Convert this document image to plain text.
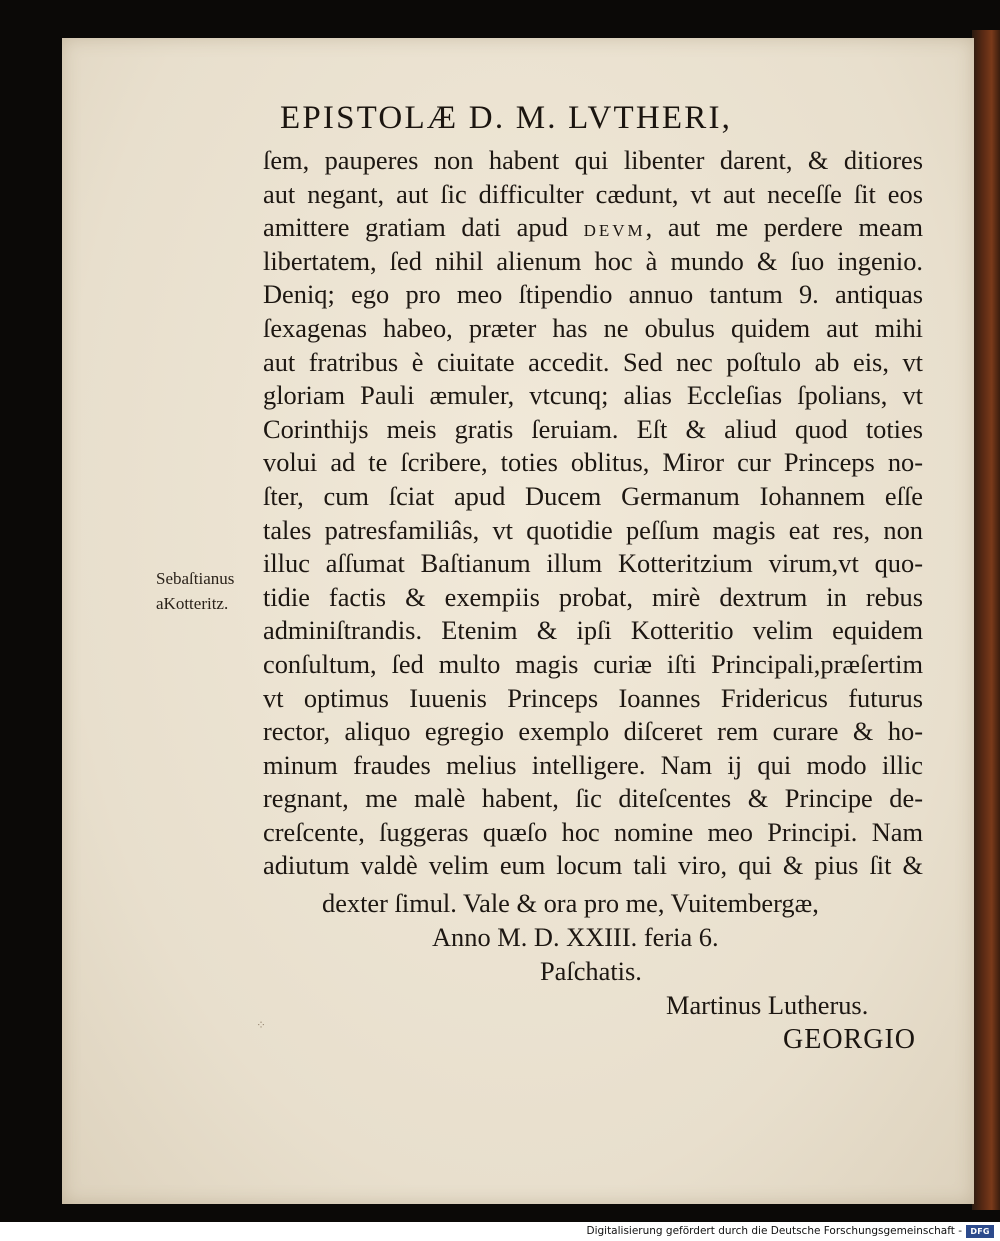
EPISTOLÆ D. M. LVTHERI,
ſem, pauperes non habent qui libenter darent, & ditiores
aut negant, aut ſic difficulter cædunt, vt aut neceſſe ſit eos
amittere gratiam dati apud DEVM, aut me perdere meam
libertatem, ſed nihil alienum hoc à mundo & ſuo ingenio.
Deniq; ego pro meo ſtipendio annuo tantum 9. antiquas
ſexagenas habeo, præter has ne obulus quidem aut mihi
aut fratribus è ciuitate accedit. Sed nec poſtulo ab eis, vt
gloriam Pauli æmuler, vtcunq; alias Eccleſias ſpolians, vt
Corinthijs meis gratis ſeruiam. Eſt & aliud quod toties
volui ad te ſcribere, toties oblitus, Miror cur Princeps no-
ſter, cum ſciat apud Ducem Germanum Iohannem eſſe
tales patresfamiliâs, vt quotidie peſſum magis eat res, non
illuc aſſumat Baſtianum illum Kotteritzium virum,vt quo-
tidie factis & exempiis probat, mirè dextrum in rebus
adminiſtrandis. Etenim & ipſi Kotteritio velim equidem
conſultum, ſed multo magis curiæ iſti Principali,præſertim
vt optimus Iuuenis Princeps Ioannes Fridericus futurus
rector, aliquo egregio exemplo diſceret rem curare & ho-
minum fraudes melius intelligere. Nam ij qui modo illic
regnant, me malè habent, ſic diteſcentes & Principe de-
creſcente, ſuggeras quæſo hoc nomine meo Principi. Nam
adiutum valdè velim eum locum tali viro, qui & pius ſit &
dexter ſimul. Vale & ora pro me, Vuitembergæ,
Anno M. D. XXIII. feria 6.
Paſchatis.
Martinus Lutherus.
Sebaſtianus
aKotteritz.
⁘	GEORGIO
Digitalisierung gefördert durch die Deutsche Forschungsgemeinschaft -	DFG
